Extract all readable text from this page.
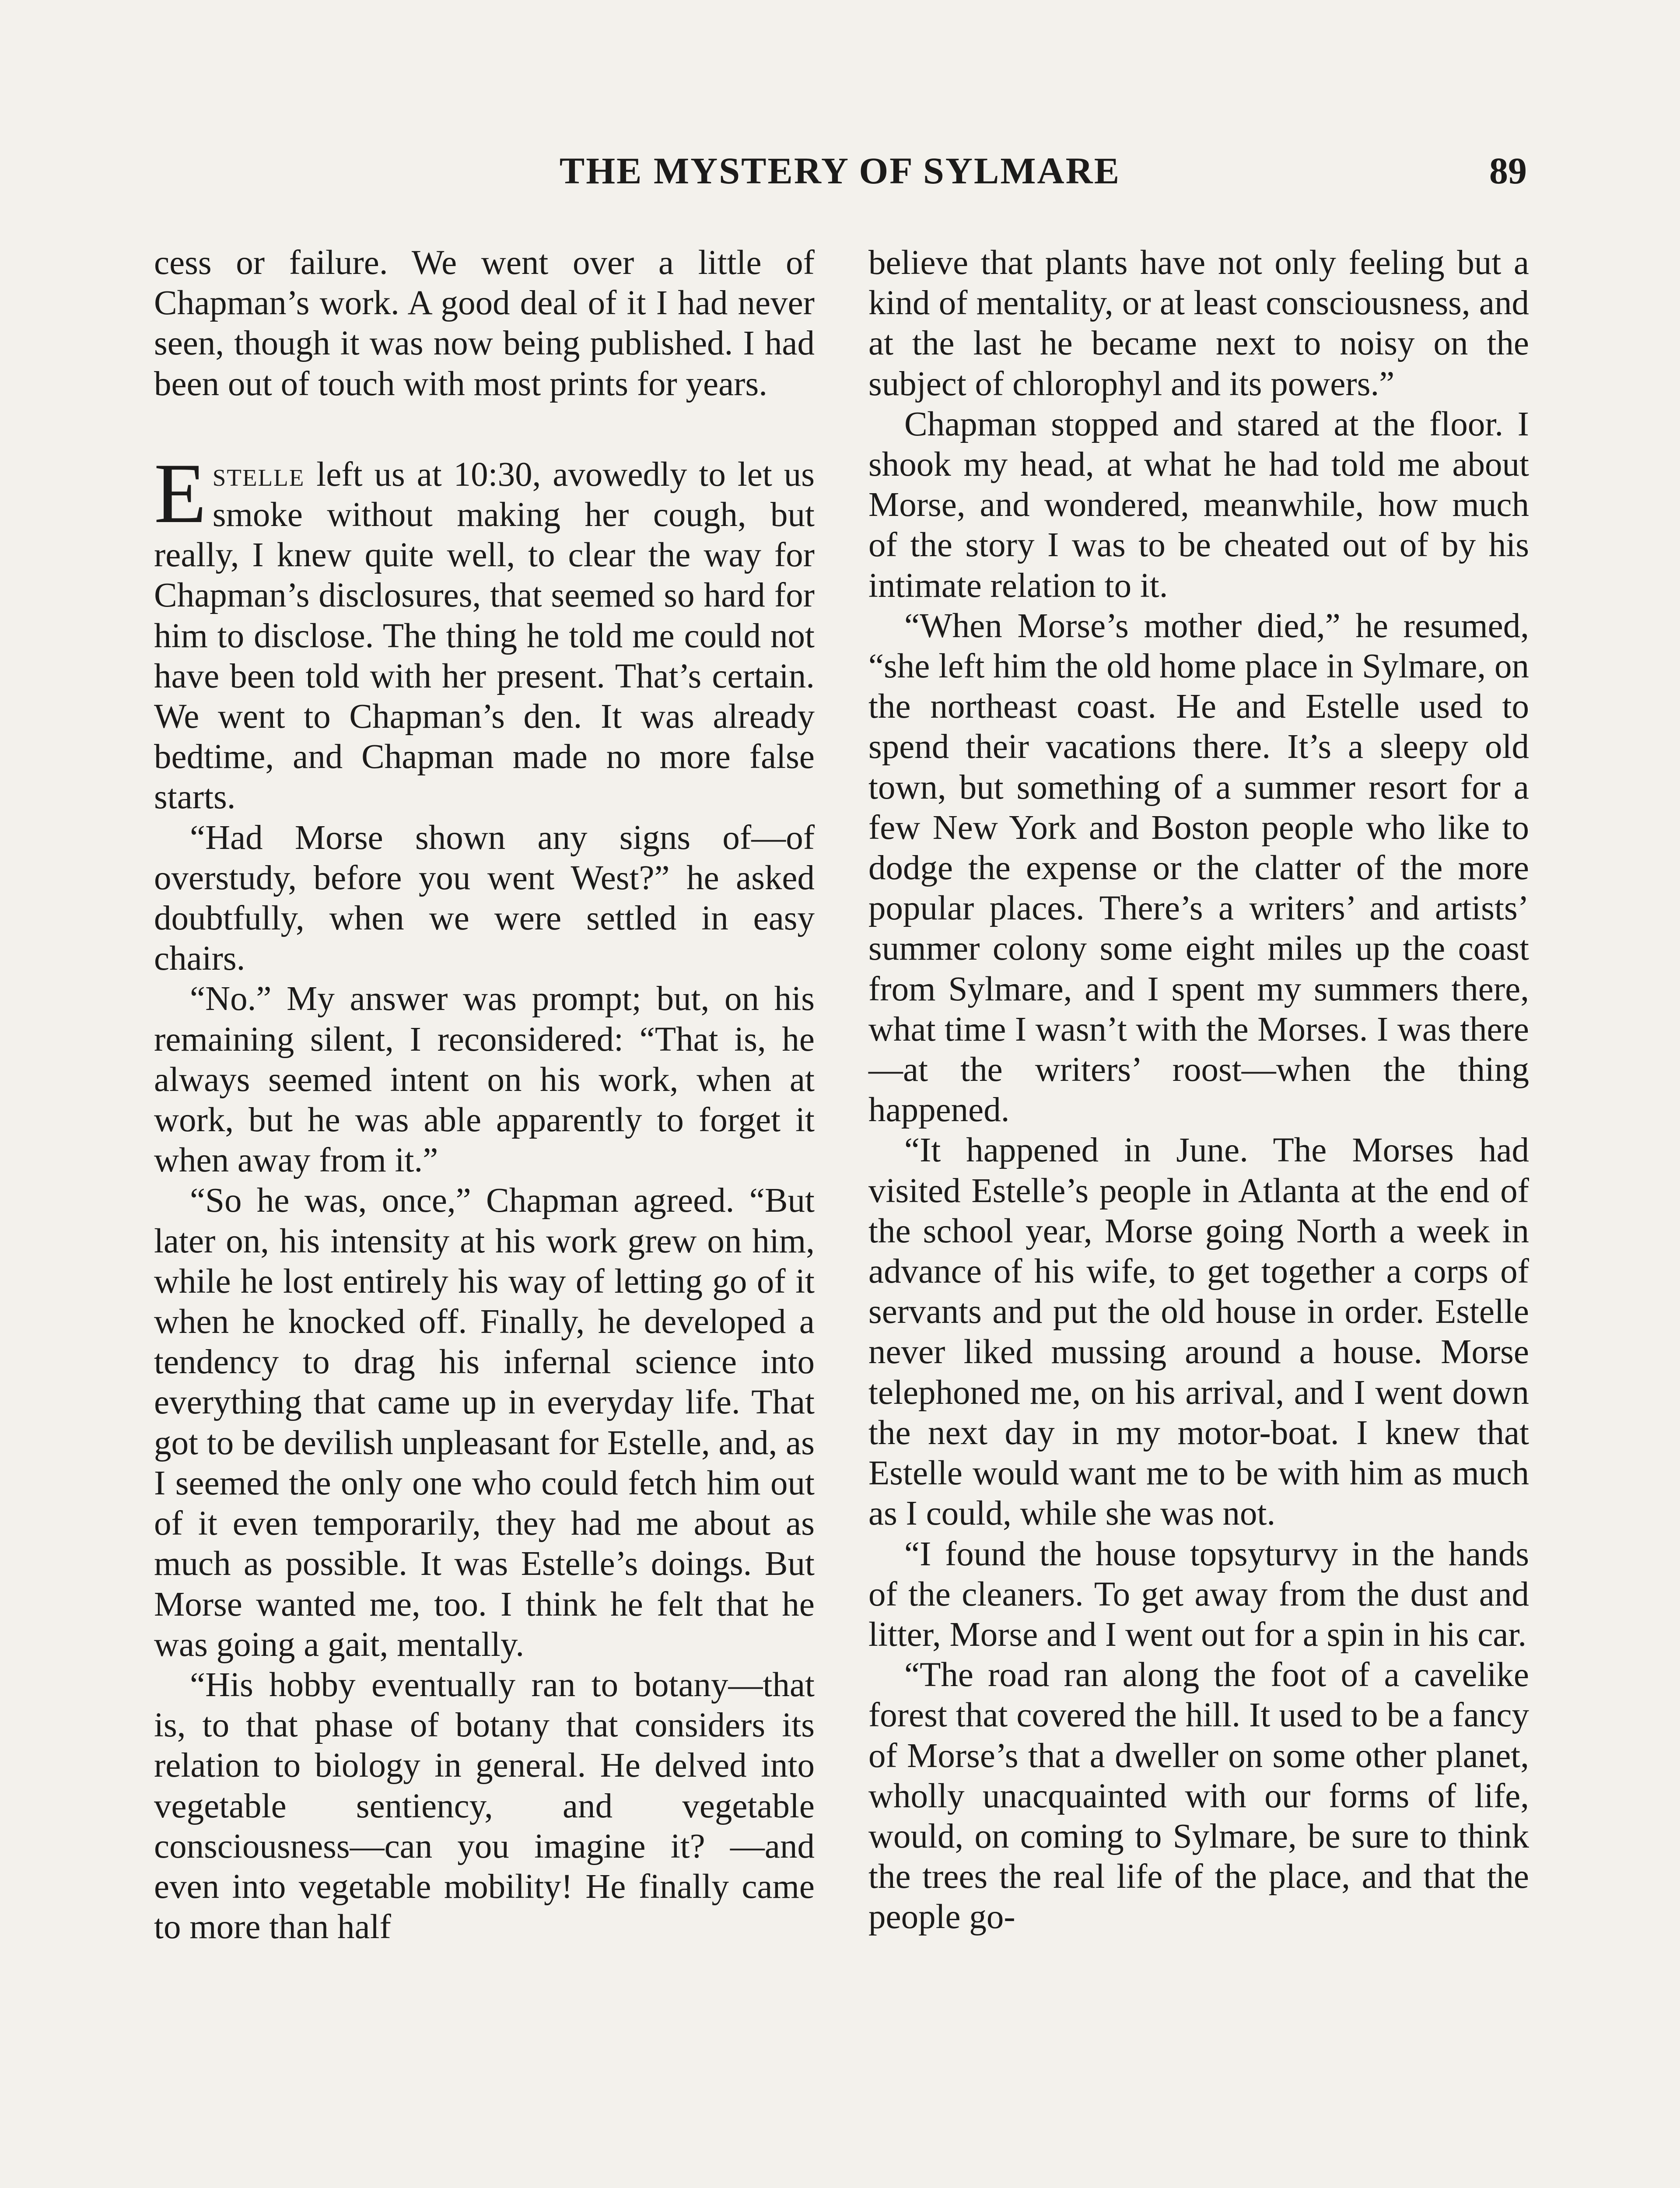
THE MYSTERY OF SYLMARE	89

cess or failure. We went over a little of Chapman’s work. A good deal of it I had never seen, though it was now being published. I had been out of touch with most prints for years.

Estelle left us at 10:30, avowedly to let us smoke without making her cough, but really, I knew quite well, to clear the way for Chapman’s disclosures, that seemed so hard for him to disclose. The thing he told me could not have been told with her present. That’s certain. We went to Chapman’s den. It was already bedtime, and Chapman made no more false starts.

“Had Morse shown any signs of—of overstudy, before you went West?” he asked doubtfully, when we were settled in easy chairs.

“No.” My answer was prompt; but, on his remaining silent, I reconsidered: “That is, he always seemed intent on his work, when at work, but he was able apparently to forget it when away from it.”

“So he was, once,” Chapman agreed. “But later on, his intensity at his work grew on him, while he lost entirely his way of letting go of it when he knocked off. Finally, he developed a tendency to drag his infernal science into everything that came up in everyday life. That got to be devilish unpleasant for Estelle, and, as I seemed the only one who could fetch him out of it even temporarily, they had me about as much as possible. It was Estelle’s doings. But Morse wanted me, too. I think he felt that he was going a gait, mentally.

“His hobby eventually ran to botany—that is, to that phase of botany that considers its relation to biology in general. He delved into vegetable sentiency, and vegetable consciousness—can you imagine it? —and even into vegetable mobility! He finally came to more than half

believe that plants have not only feeling but a kind of mentality, or at least consciousness, and at the last he became next to noisy on the subject of chlorophyl and its powers.”

Chapman stopped and stared at the floor. I shook my head, at what he had told me about Morse, and wondered, meanwhile, how much of the story I was to be cheated out of by his intimate relation to it.

“When Morse’s mother died,” he resumed, “she left him the old home place in Sylmare, on the northeast coast. He and Estelle used to spend their vacations there. It’s a sleepy old town, but something of a summer resort for a few New York and Boston people who like to dodge the expense or the clatter of the more popular places. There’s a writers’ and artists’ summer colony some eight miles up the coast from Sylmare, and I spent my summers there, what time I wasn’t with the Morses. I was there—at the writers’ roost—when the thing happened.

“It happened in June. The Morses had visited Estelle’s people in Atlanta at the end of the school year, Morse going North a week in advance of his wife, to get together a corps of servants and put the old house in order. Estelle never liked mussing around a house. Morse telephoned me, on his arrival, and I went down the next day in my motor-boat. I knew that Estelle would want me to be with him as much as I could, while she was not.

“I found the house topsyturvy in the hands of the cleaners. To get away from the dust and litter, Morse and I went out for a spin in his car.

“The road ran along the foot of a cavelike forest that covered the hill. It used to be a fancy of Morse’s that a dweller on some other planet, wholly unacquainted with our forms of life, would, on coming to Sylmare, be sure to think the trees the real life of the place, and that the people go-
